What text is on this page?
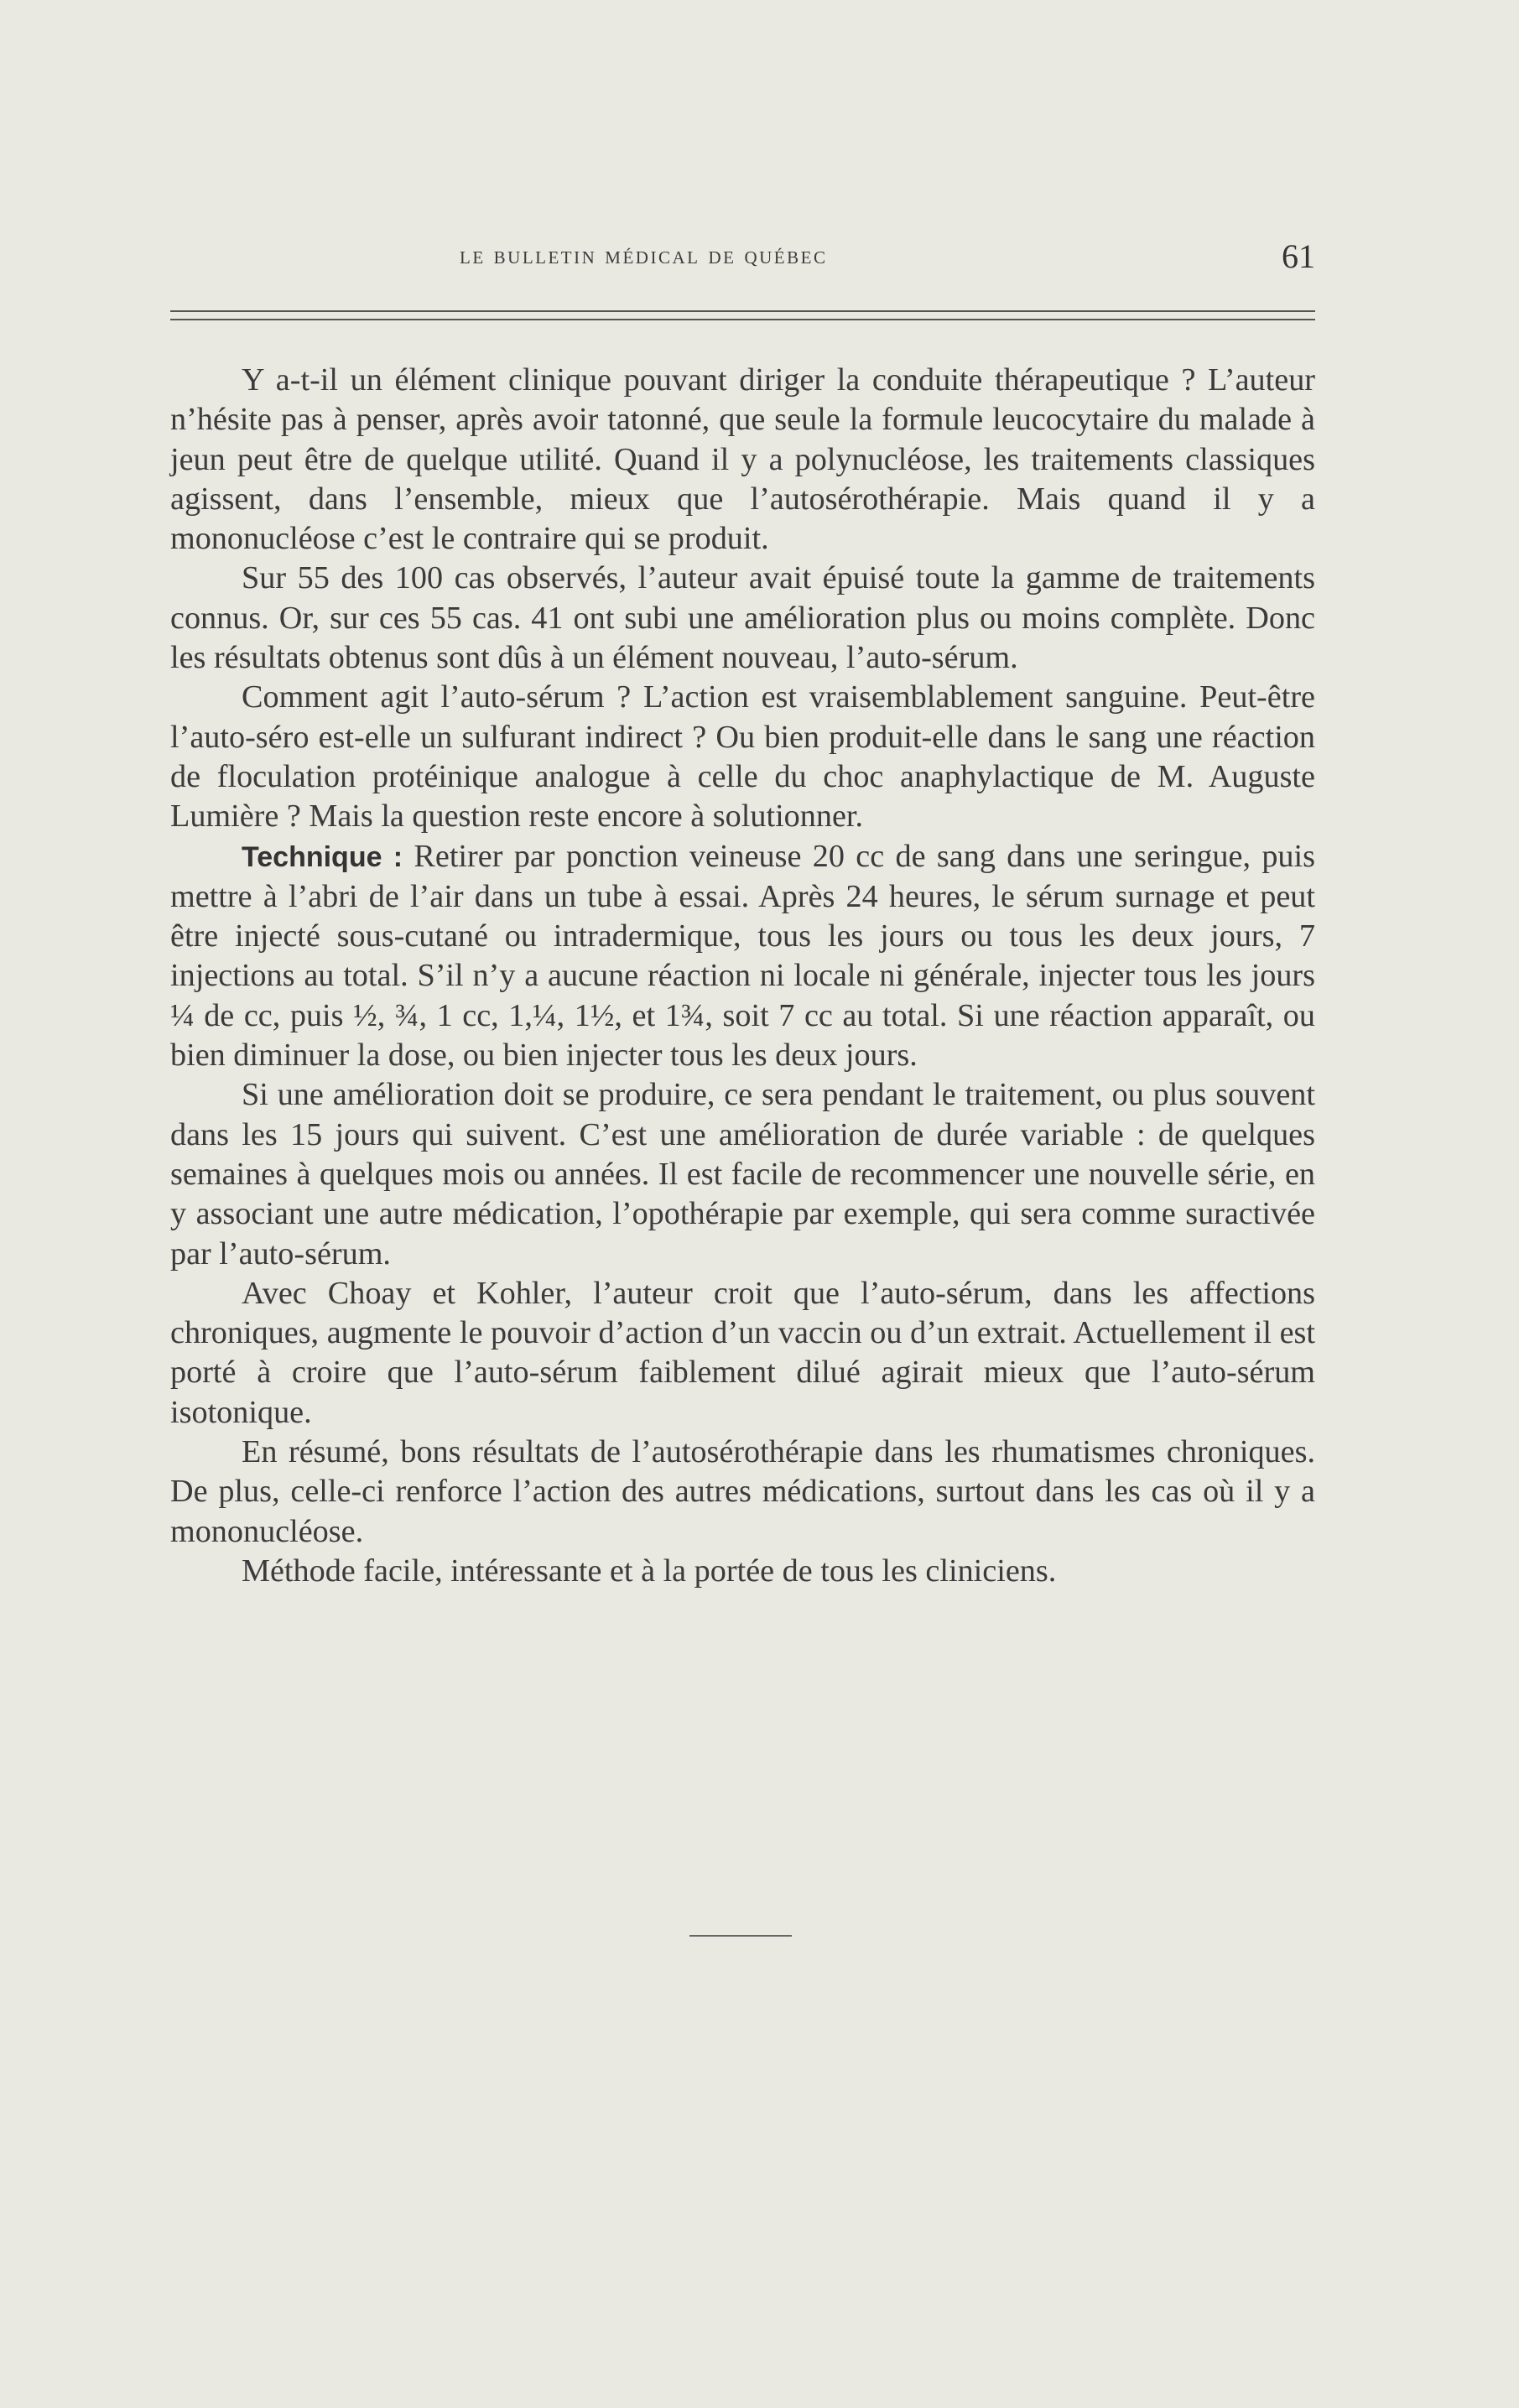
le bulletin médical de québec	61

Y a-t-il un élément clinique pouvant diriger la conduite thérapeutique ? L’auteur n’hésite pas à penser, après avoir tatonné, que seule la formule leucocytaire du malade à jeun peut être de quelque utilité. Quand il y a polynucléose, les traitements classiques agissent, dans l’ensemble, mieux que l’autosérothérapie. Mais quand il y a mononucléose c’est le contraire qui se produit.

Sur 55 des 100 cas observés, l’auteur avait épuisé toute la gamme de traitements connus. Or, sur ces 55 cas. 41 ont subi une amélioration plus ou moins complète. Donc les résultats obtenus sont dûs à un élément nouveau, l’auto-sérum.

Comment agit l’auto-sérum ? L’action est vraisemblablement sanguine. Peut-être l’auto-séro est-elle un sulfurant indirect ? Ou bien produit-elle dans le sang une réaction de floculation protéinique analogue à celle du choc anaphylactique de M. Auguste Lumière ? Mais la question reste encore à solutionner.

Technique : Retirer par ponction veineuse 20 cc de sang dans une seringue, puis mettre à l’abri de l’air dans un tube à essai. Après 24 heures, le sérum surnage et peut être injecté sous-cutané ou intradermique, tous les jours ou tous les deux jours, 7 injections au total. S’il n’y a aucune réaction ni locale ni générale, injecter tous les jours ¼ de cc, puis ½, ¾, 1 cc, 1,¼, 1½, et 1¾, soit 7 cc au total. Si une réaction apparaît, ou bien diminuer la dose, ou bien injecter tous les deux jours.

Si une amélioration doit se produire, ce sera pendant le traitement, ou plus souvent dans les 15 jours qui suivent. C’est une amélioration de durée variable : de quelques semaines à quelques mois ou années. Il est facile de recommencer une nouvelle série, en y associant une autre médication, l’opothérapie par exemple, qui sera comme suractivée par l’auto-sérum.

Avec Choay et Kohler, l’auteur croit que l’auto-sérum, dans les affections chroniques, augmente le pouvoir d’action d’un vaccin ou d’un extrait. Actuellement il est porté à croire que l’auto-sérum faiblement dilué agirait mieux que l’auto-sérum isotonique.

En résumé, bons résultats de l’autosérothérapie dans les rhumatismes chroniques. De plus, celle-ci renforce l’action des autres médications, surtout dans les cas où il y a mononucléose.

Méthode facile, intéressante et à la portée de tous les cliniciens.
